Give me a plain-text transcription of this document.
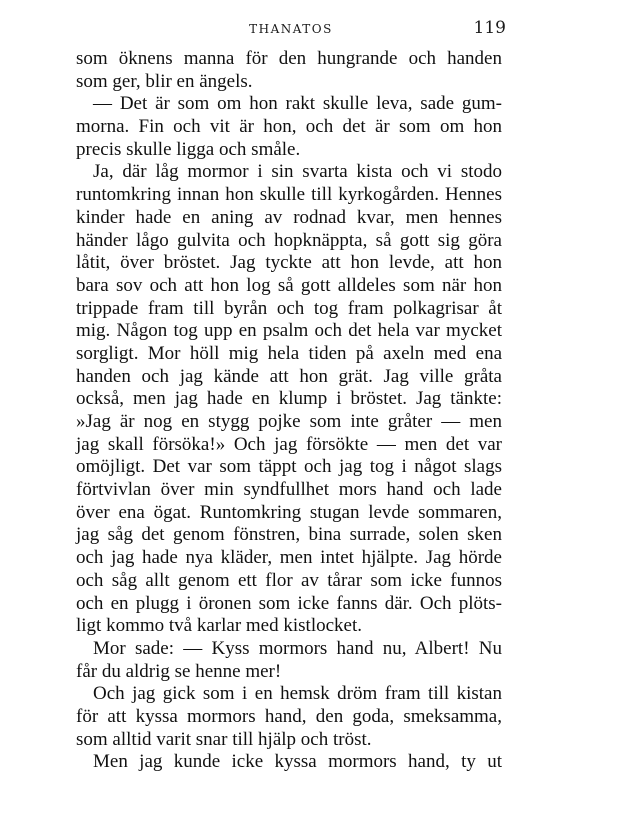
THANATOS	119
som öknens manna för den hungrande och handen
som ger, blir en ängels.
— Det är som om hon rakt skulle leva, sade gum-
morna. Fin och vit är hon, och det är som om hon
precis skulle ligga och småle.
Ja, där låg mormor i sin svarta kista och vi stodo
runtomkring innan hon skulle till kyrkogården. Hennes
kinder hade en aning av rodnad kvar, men hennes
händer lågo gulvita och hopknäppta, så gott sig göra
låtit, över bröstet. Jag tyckte att hon levde, att hon
bara sov och att hon log så gott alldeles som när hon
trippade fram till byrån och tog fram polkagrisar åt
mig. Någon tog upp en psalm och det hela var mycket
sorgligt. Mor höll mig hela tiden på axeln med ena
handen och jag kände att hon grät. Jag ville gråta
också, men jag hade en klump i bröstet. Jag tänkte:
»Jag är nog en stygg pojke som inte gråter — men
jag skall försöka!» Och jag försökte — men det var
omöjligt. Det var som täppt och jag tog i något slags
förtvivlan över min syndfullhet mors hand och lade
över ena ögat. Runtomkring stugan levde sommaren,
jag såg det genom fönstren, bina surrade, solen sken
och jag hade nya kläder, men intet hjälpte. Jag hörde
och såg allt genom ett flor av tårar som icke funnos
och en plugg i öronen som icke fanns där. Och plöts-
ligt kommo två karlar med kistlocket.
Mor sade: — Kyss mormors hand nu, Albert! Nu
får du aldrig se henne mer!
Och jag gick som i en hemsk dröm fram till kistan
för att kyssa mormors hand, den goda, smeksamma,
som alltid varit snar till hjälp och tröst.
Men jag kunde icke kyssa mormors hand, ty ut
